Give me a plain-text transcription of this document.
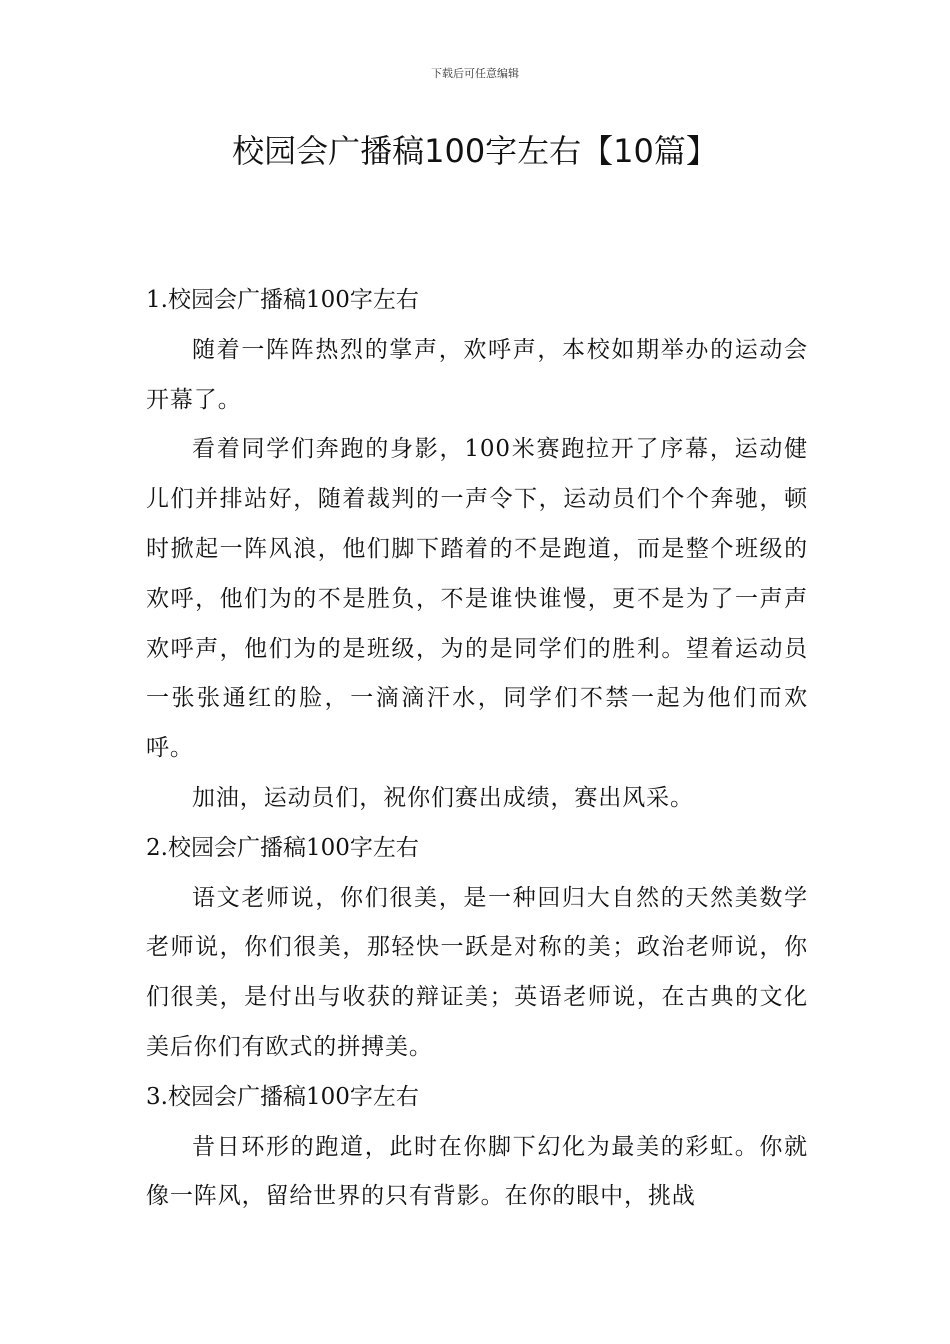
下载后可任意编辑
校园会广播稿100字左右【10篇】
1.校园会广播稿100字左右

随着一阵阵热烈的掌声，欢呼声，本校如期举办的运动会开幕了。

看着同学们奔跑的身影，100米赛跑拉开了序幕，运动健儿们并排站好，随着裁判的一声令下，运动员们个个奔驰，顿时掀起一阵风浪，他们脚下踏着的不是跑道，而是整个班级的欢呼，他们为的不是胜负，不是谁快谁慢，更不是为了一声声欢呼声，他们为的是班级，为的是同学们的胜利。望着运动员一张张通红的脸，一滴滴汗水，同学们不禁一起为他们而欢呼。

加油，运动员们，祝你们赛出成绩，赛出风采。

2.校园会广播稿100字左右

语文老师说，你们很美，是一种回归大自然的天然美数学老师说，你们很美，那轻快一跃是对称的美；政治老师说，你们很美，是付出与收获的辩证美；英语老师说，在古典的文化美后你们有欧式的拼搏美。

3.校园会广播稿100字左右

昔日环形的跑道，此时在你脚下幻化为最美的彩虹。你就像一阵风，留给世界的只有背影。在你的眼中，挑战
